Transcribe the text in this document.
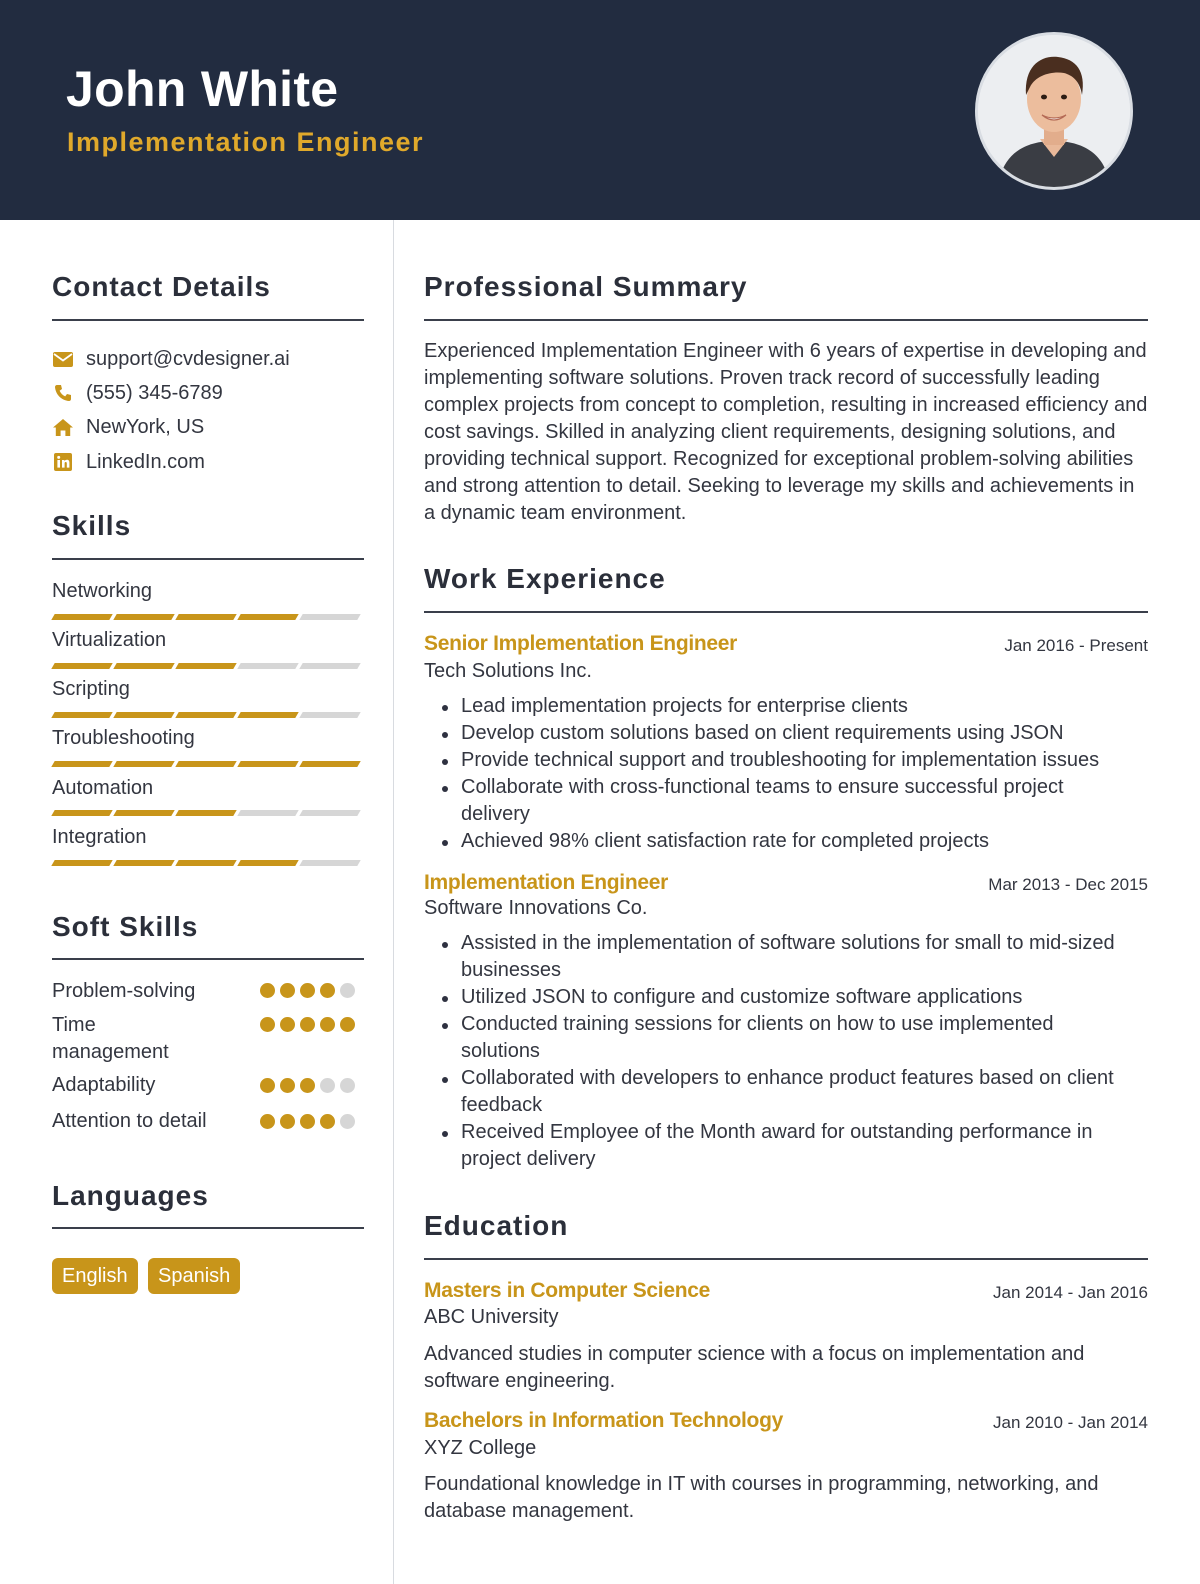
John White
Implementation Engineer
Contact Details
support@cvdesigner.ai
(555) 345-6789
NewYork, US
LinkedIn.com
Skills
Networking
Virtualization
Scripting
Troubleshooting
Automation
Integration
Soft Skills
Problem-solving
Time management
Adaptability
Attention to detail
Languages
English	Spanish
Professional Summary
Experienced Implementation Engineer with 6 years of expertise in developing and implementing software solutions. Proven track record of successfully leading complex projects from concept to completion, resulting in increased efficiency and cost savings. Skilled in analyzing client requirements, designing solutions, and providing technical support. Recognized for exceptional problem-solving abilities and strong attention to detail. Seeking to leverage my skills and achievements in a dynamic team environment.
Work Experience
Senior Implementation Engineer	Jan 2016 - Present
Tech Solutions Inc.
Lead implementation projects for enterprise clients
Develop custom solutions based on client requirements using JSON
Provide technical support and troubleshooting for implementation issues
Collaborate with cross-functional teams to ensure successful project delivery
Achieved 98% client satisfaction rate for completed projects
Implementation Engineer	Mar 2013 - Dec 2015
Software Innovations Co.
Assisted in the implementation of software solutions for small to mid-sized businesses
Utilized JSON to configure and customize software applications
Conducted training sessions for clients on how to use implemented solutions
Collaborated with developers to enhance product features based on client feedback
Received Employee of the Month award for outstanding performance in project delivery
Education
Masters in Computer Science	Jan 2014 - Jan 2016
ABC University
Advanced studies in computer science with a focus on implementation and software engineering.
Bachelors in Information Technology	Jan 2010 - Jan 2014
XYZ College
Foundational knowledge in IT with courses in programming, networking, and database management.
